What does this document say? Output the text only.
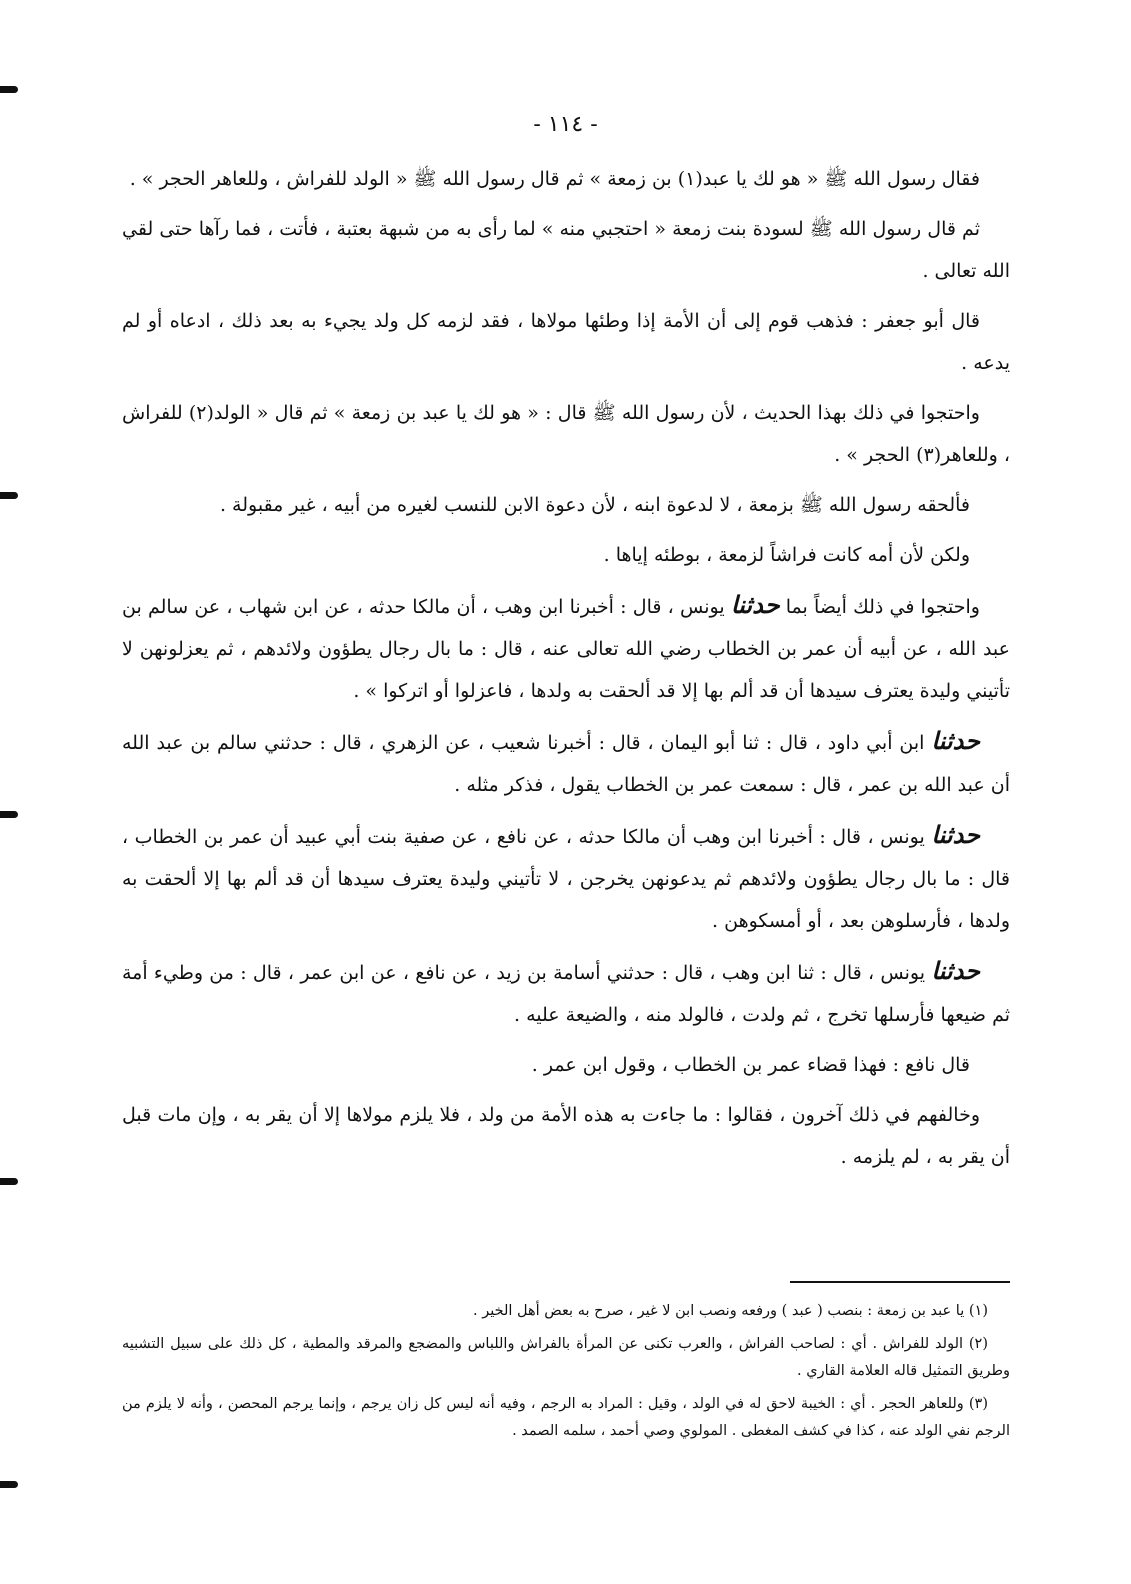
- ١١٤ -

فقال رسول الله ﷺ « هو لك يا عبد(١) بن زمعة » ثم قال رسول الله ﷺ « الولد للفراش ، وللعاهر الحجر » .

ثم قال رسول الله ﷺ لسودة بنت زمعة « احتجبي منه » لما رأى به من شبهة بعتبة ، فأتت ، فما رآها حتى لقي الله تعالى .

قال أبو جعفر : فذهب قوم إلى أن الأمة إذا وطئها مولاها ، فقد لزمه كل ولد يجيء به بعد ذلك ، ادعاه أو لم يدعه .

واحتجوا في ذلك بهذا الحديث ، لأن رسول الله ﷺ قال : « هو لك يا عبد بن زمعة » ثم قال « الولد(٢) للفراش ، وللعاهر(٣) الحجر » .

فألحقه رسول الله ﷺ بزمعة ، لا لدعوة ابنه ، لأن دعوة الابن للنسب لغيره من أبيه ، غير مقبولة .

ولكن لأن أمه كانت فراشاً لزمعة ، بوطئه إياها .

واحتجوا في ذلك أيضاً بما حدثنا يونس ، قال : أخبرنا ابن وهب ، أن مالكا حدثه ، عن ابن شهاب ، عن سالم بن عبد الله ، عن أبيه أن عمر بن الخطاب رضي الله تعالى عنه ، قال : ما بال رجال يطؤون ولائدهم ، ثم يعزلونهن لا تأتيني وليدة يعترف سيدها أن قد ألم بها إلا قد ألحقت به ولدها ، فاعزلوا أو اتركوا » .

حدثنا ابن أبي داود ، قال : ثنا أبو اليمان ، قال : أخبرنا شعيب ، عن الزهري ، قال : حدثني سالم بن عبد الله أن عبد الله بن عمر ، قال : سمعت عمر بن الخطاب يقول ، فذكر مثله .

حدثنا يونس ، قال : أخبرنا ابن وهب أن مالكا حدثه ، عن نافع ، عن صفية بنت أبي عبيد أن عمر بن الخطاب ، قال : ما بال رجال يطؤون ولائدهم ثم يدعونهن يخرجن ، لا تأتيني وليدة يعترف سيدها أن قد ألم بها إلا ألحقت به ولدها ، فأرسلوهن بعد ، أو أمسكوهن .

حدثنا يونس ، قال : ثنا ابن وهب ، قال : حدثني أسامة بن زيد ، عن نافع ، عن ابن عمر ، قال : من وطيء أمة ثم ضيعها فأرسلها تخرج ، ثم ولدت ، فالولد منه ، والضيعة عليه .

قال نافع : فهذا قضاء عمر بن الخطاب ، وقول ابن عمر .

وخالفهم في ذلك آخرون ، فقالوا : ما جاءت به هذه الأمة من ولد ، فلا يلزم مولاها إلا أن يقر به ، وإن مات قبل أن يقر به ، لم يلزمه .

(١) يا عبد بن زمعة : بنصب ( عبد ) ورفعه ونصب ابن لا غير ، صرح به بعض أهل الخير .

(٢) الولد للفراش . أي : لصاحب الفراش ، والعرب تكنى عن المرأة بالفراش واللباس والمضجع والمرقد والمطية ، كل ذلك على سبيل التشبيه وطريق التمثيل قاله العلامة القاري .

(٣) وللعاهر الحجر . أي : الخيبة لاحق له في الولد ، وقيل : المراد به الرجم ، وفيه أنه ليس كل زان يرجم ، وإنما يرجم المحصن ، وأنه لا يلزم من الرجم نفي الولد عنه ، كذا في كشف المغطى . المولوي وصي أحمد ، سلمه الصمد .
